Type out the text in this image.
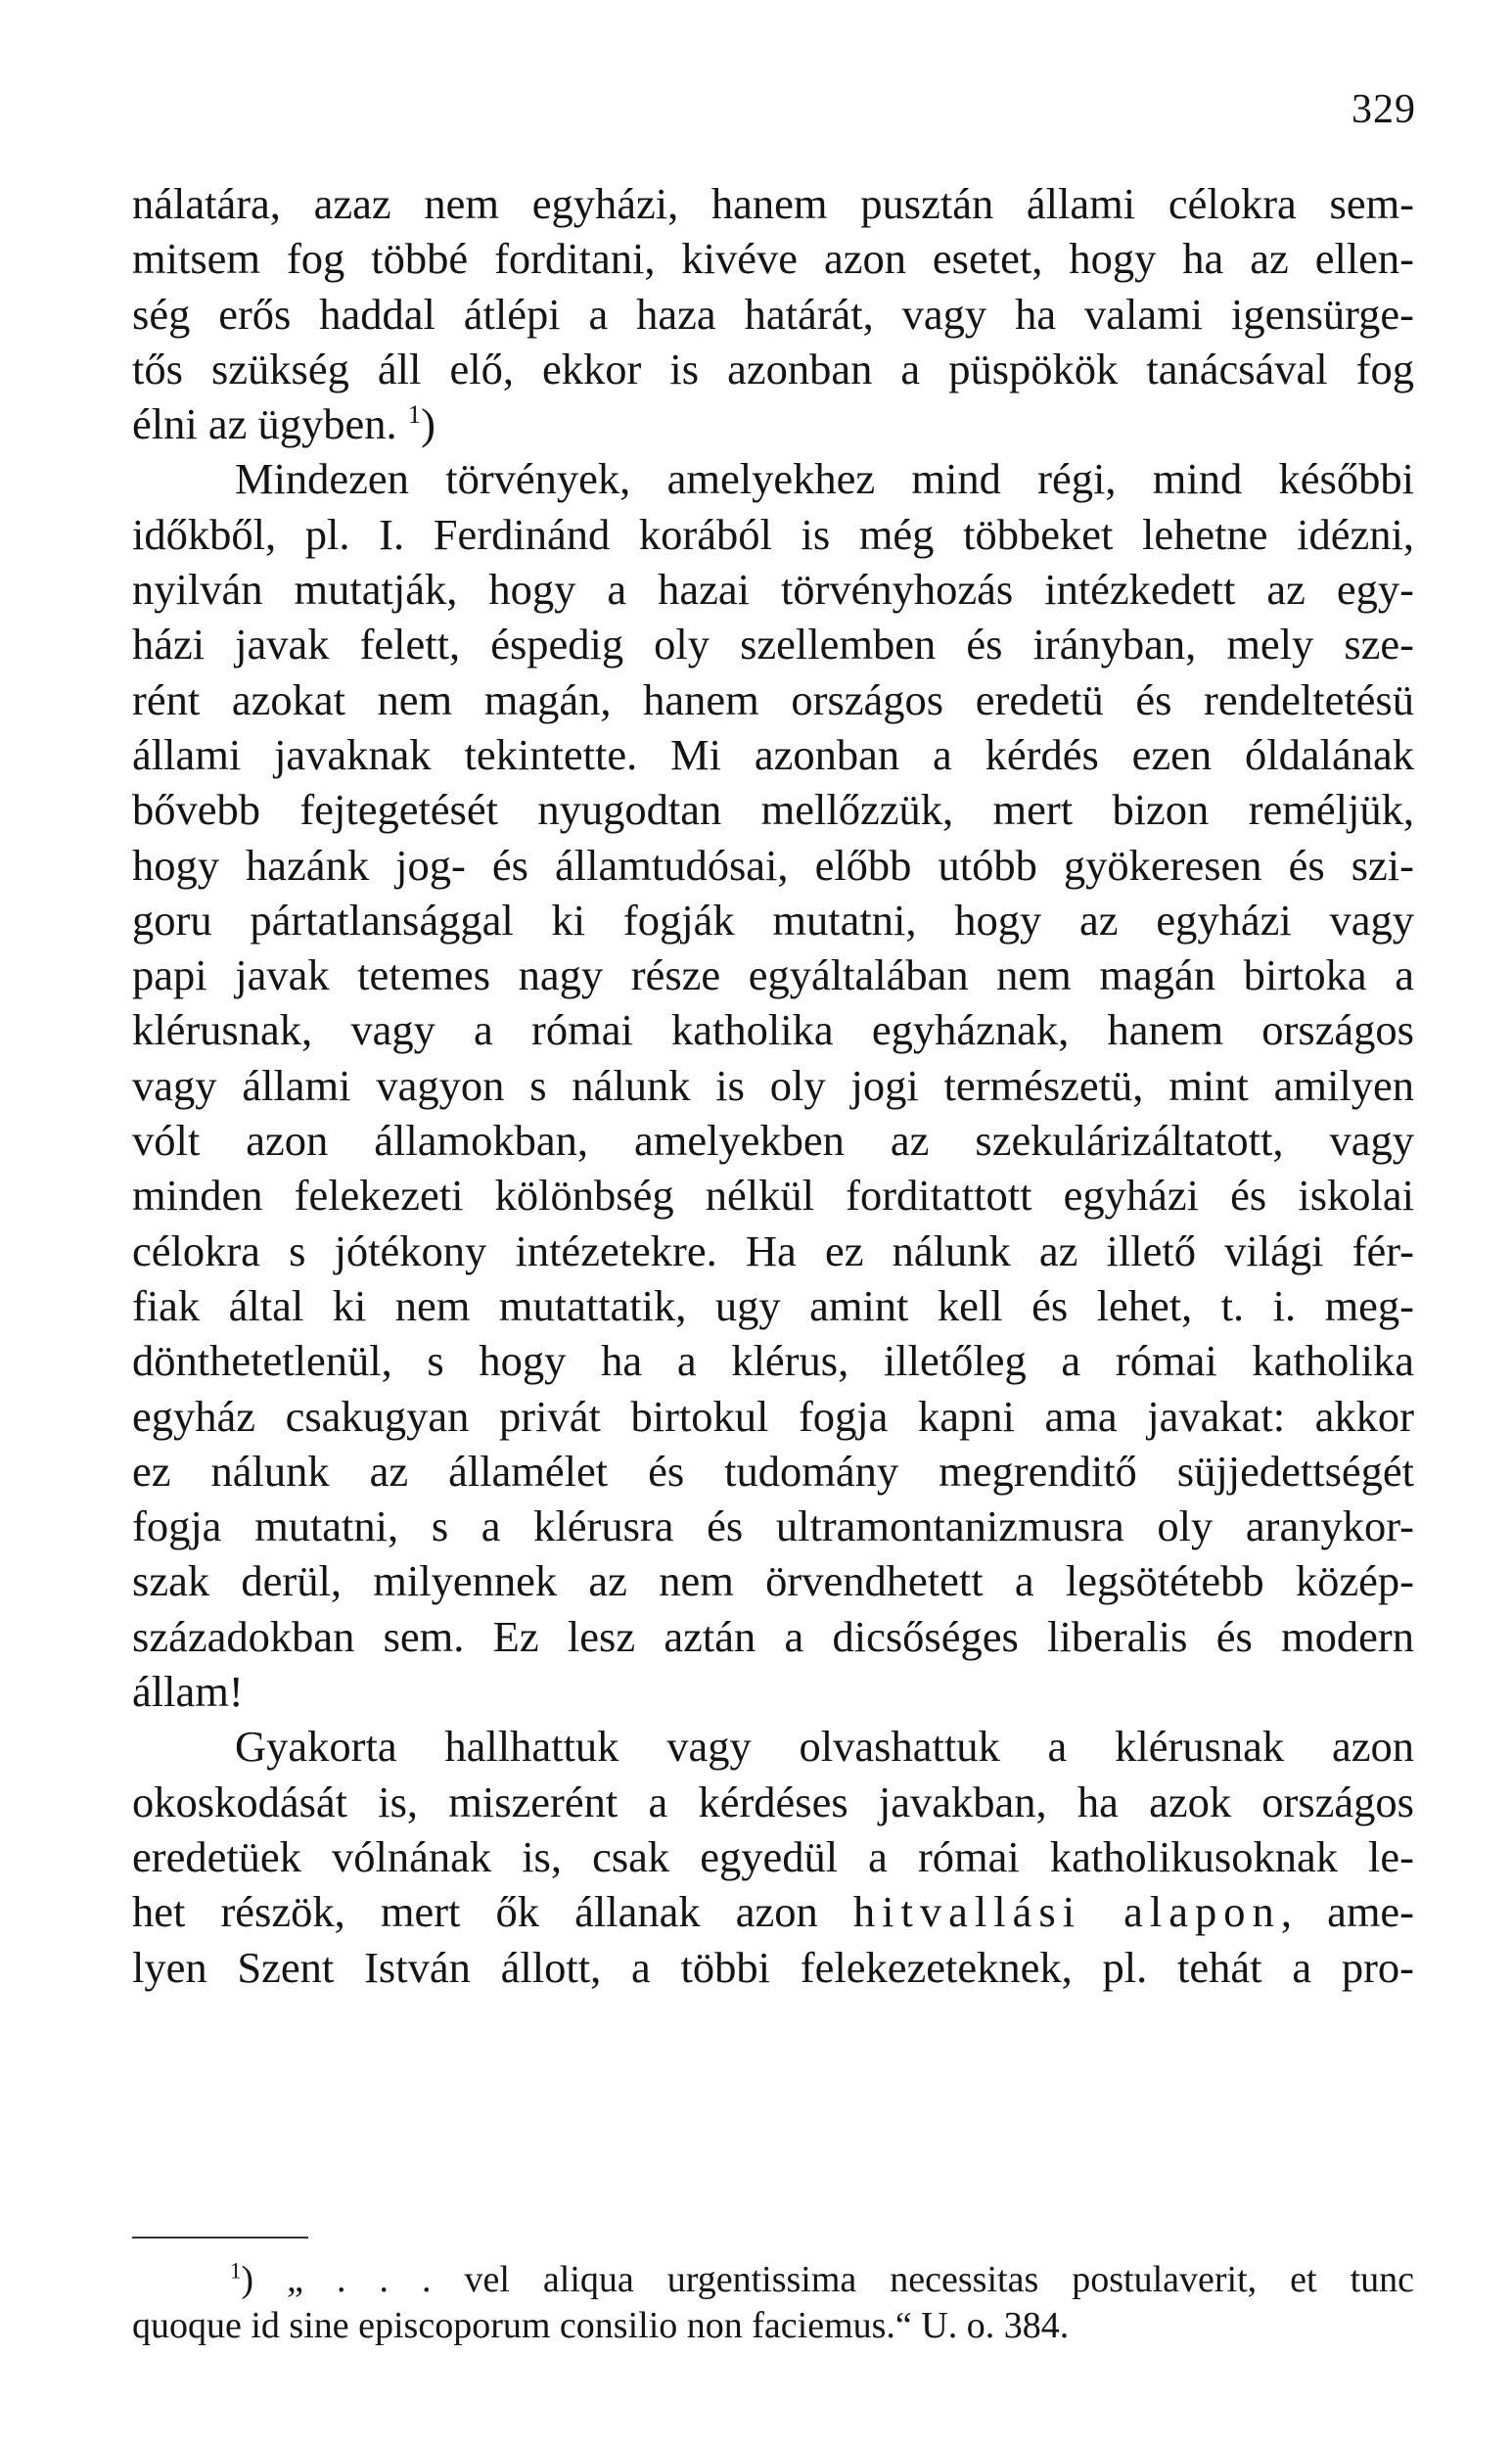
329
nálatára, azaz nem egyházi, hanem pusztán állami célokra sem-
mitsem fog többé forditani, kivéve azon esetet, hogy ha az ellen-
ség erős haddal átlépi a haza határát, vagy ha valami igensürge-
tős szükség áll elő, ekkor is azonban a püspökök tanácsával fog
élni az ügyben. $^1$)
Mindezen törvények, amelyekhez mind régi, mind későbbi
időkből, pl. I. Ferdinánd korából is még többeket lehetne idézni,
nyilván mutatják, hogy a hazai törvényhozás intézkedett az egy-
házi javak felett, éspedig oly szellemben és irányban, mely sze-
rént azokat nem magán, hanem országos eredetü és rendeltetésü
állami javaknak tekintette. Mi azonban a kérdés ezen óldalának
bővebb fejtegetését nyugodtan mellőzzük, mert bizon reméljük,
hogy hazánk jog- és államtudósai, előbb utóbb gyökeresen és szi-
goru pártatlansággal ki fogják mutatni, hogy az egyházi vagy
papi javak tetemes nagy része egyáltalában nem magán birtoka a
klérusnak, vagy a római katholika egyháznak, hanem országos
vagy állami vagyon s nálunk is oly jogi természetü, mint amilyen
vólt azon államokban, amelyekben az szekulárizáltatott, vagy
minden felekezeti kölönbség nélkül forditattott egyházi és iskolai
célokra s jótékony intézetekre. Ha ez nálunk az illető világi fér-
fiak által ki nem mutattatik, ugy amint kell és lehet, t. i. meg-
dönthetetlenül, s hogy ha a klérus, illetőleg a római katholika
egyház csakugyan privát birtokul fogja kapni ama javakat: akkor
ez nálunk az államélet és tudomány megrenditő süjjedettségét
fogja mutatni, s a klérusra és ultramontanizmusra oly aranykor-
szak derül, milyennek az nem örvendhetett a legsötétebb közép-
századokban sem. Ez lesz aztán a dicsőséges liberalis és modern
állam!
Gyakorta hallhattuk vagy olvashattuk a klérusnak azon
okoskodását is, miszerént a kérdéses javakban, ha azok országos
eredetüek vólnának is, csak egyedül a római katholikusoknak le-
het részök, mert ők állanak azon hitvallási alapon, ame-
lyen Szent István állott, a többi felekezeteknek, pl. tehát a pro-
$^1$) „ . . . vel aliqua urgentissima necessitas postulaverit, et tunc
quoque id sine episcoporum consilio non faciemus.“ U. o. 384.
